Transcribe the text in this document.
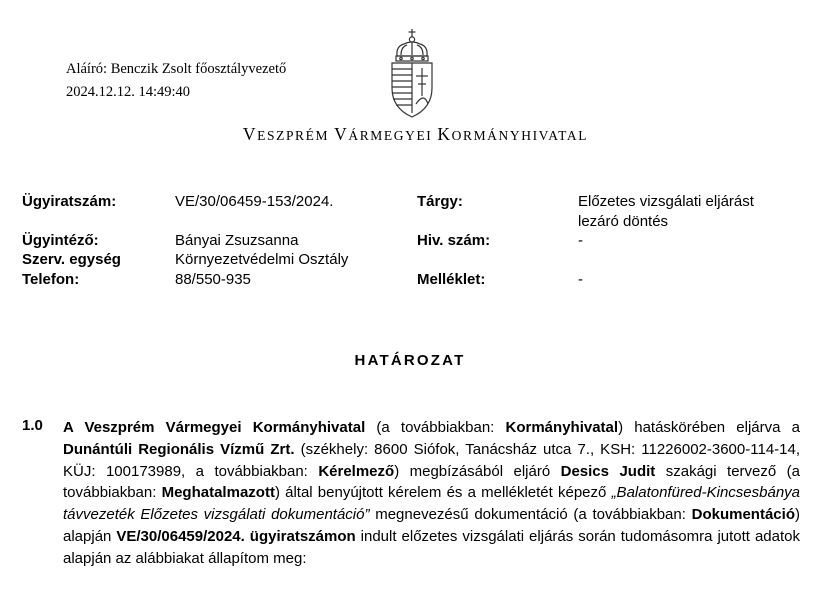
Aláíró: Benczik Zsolt főosztályvezető
2024.12.12. 14:49:40
VESZPRÉM VÁRMEGYEI KORMÁNYHIVATAL
Ügyiratszám:	VE/30/06459-153/2024.
Ügyintéző:	Bányai Zsuzsanna
Szerv. egység	Környezetvédelmi Osztály
Telefon:	88/550-935
Tárgy:	Előzetes vizsgálati eljárást
lezáró döntés
Hiv. szám:	-
Melléklet:	-
HATÁROZAT
1.0 A Veszprém Vármegyei Kormányhivatal (a továbbiakban: Kormányhivatal) hatáskörében eljárva a Dunántúli Regionális Vízmű Zrt. (székhely: 8600 Siófok, Tanácsház utca 7., KSH: 11226002-3600-114-14, KÜJ: 100173989, a továbbiakban: Kérelmező) megbízásából eljáró Desics Judit szakági tervező (a továbbiakban: Meghatalmazott) által benyújtott kérelem és a mellékletét képező „Balatonfüred-Kincsesbánya távvezeték Előzetes vizsgálati dokumentáció” megnevezésű dokumentáció (a továbbiakban: Dokumentáció) alapján VE/30/06459/2024. ügyiratszámon indult előzetes vizsgálati eljárás során tudomásomra jutott adatok alapján az alábbiakat állapítom meg:
